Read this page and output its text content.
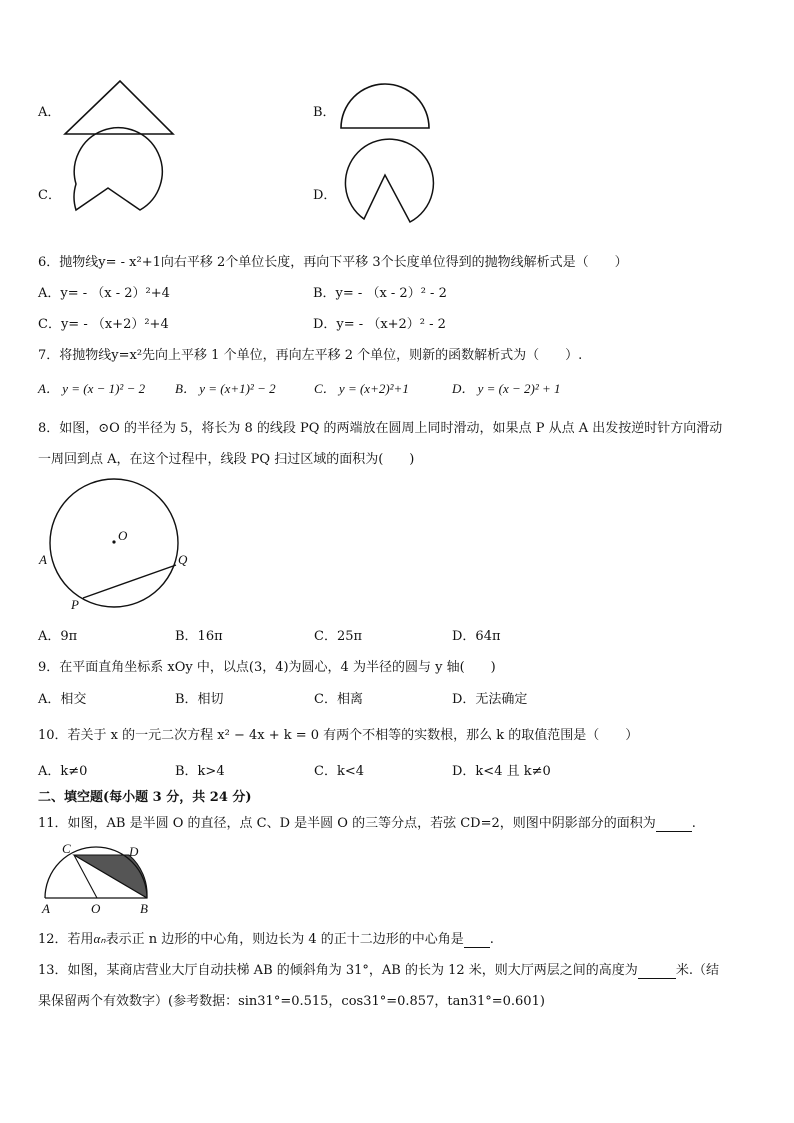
A．	B．
C．	D．
6．抛物线y= - x²+1向右平移 2个单位长度，再向下平移 3个长度单位得到的抛物线解析式是（　　）
A．y= - （x - 2）²+4	B．y= - （x - 2）² - 2
C．y= - （x+2）²+4	D．y= - （x+2）² - 2
7．将抛物线y=x²先向上平移 1 个单位，再向左平移 2 个单位，则新的函数解析式为（　　）.
A． y = (x − 1)² − 2 B． y = (x+1)² − 2	C． y = (x+2)²+1	D． y = (x − 2)² + 1
8．如图，⊙O 的半径为 5，将长为 8 的线段 PQ 的两端放在圆周上同时滑动，如果点 P 从点 A 出发按逆时针方向滑动
一周回到点 A，在这个过程中，线段 PQ 扫过区域的面积为(　　)
O
A
P
Q
A．9π	B．16π	C．25π	D．64π
9．在平面直角坐标系 xOy 中，以点(3，4)为圆心，4 为半径的圆与 y 轴(　　)
A．相交	B．相切	C．相离	D．无法确定
10．若关于 x 的一元二次方程 x² − 4x + k = 0 有两个不相等的实数根，那么 k 的取值范围是（　　）
A．k≠0	B．k>4	C．k<4	D．k<4 且 k≠0
二、填空题(每小题 3 分，共 24 分)
11．如图，AB 是半圆 O 的直径，点 C、D 是半圆 O 的三等分点，若弦 CD=2，则图中阴影部分的面积为	.
C	D
A	O	B
12．若用αₙ表示正 n 边形的中心角，则边长为 4 的正十二边形的中心角是 .
13．如图，某商店营业大厅自动扶梯 AB 的倾斜角为 31°，AB 的长为 12 米，则大厅两层之间的高度为	米.（结
果保留两个有效数字）(参考数据：sin31°=0.515，cos31°=0.857，tan31°=0.601)
